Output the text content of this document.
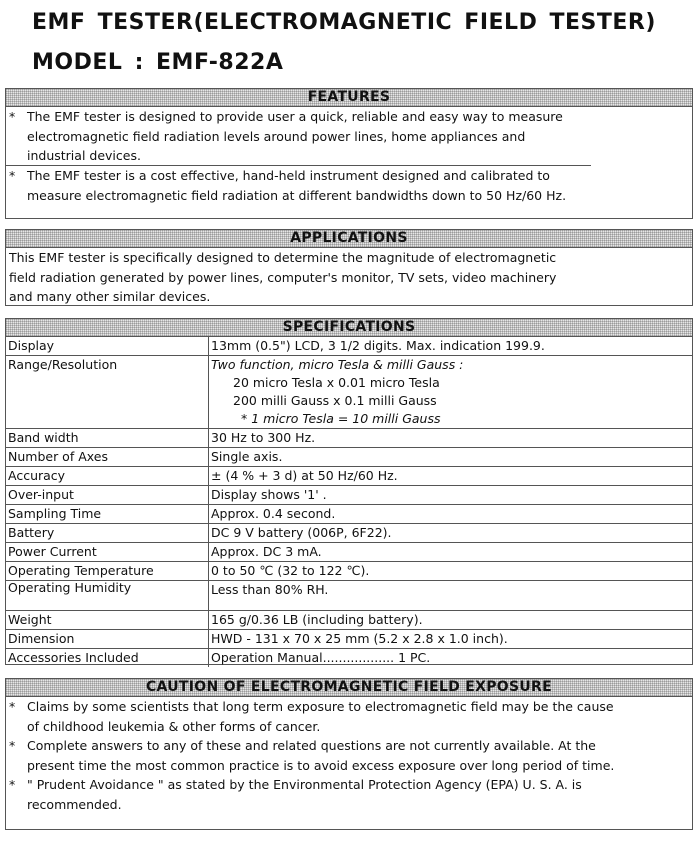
EMF TESTER(ELECTROMAGNETIC FIELD TESTER)
MODEL : EMF-822A
FEATURES
* The EMF tester is designed to provide user a quick, reliable and easy way to measure electromagnetic field radiation levels around power lines, home appliances and industrial devices.
* The EMF tester is a cost effective, hand-held instrument designed and calibrated to measure electromagnetic field radiation at different bandwidths down to 50 Hz/60 Hz.
APPLICATIONS
This EMF tester is specifically designed to determine the magnitude of electromagnetic field radiation generated by power lines, computer's monitor, TV sets, video machinery and many other similar devices.
SPECIFICATIONS
Display	13mm (0.5") LCD, 3 1/2 digits. Max. indication 199.9.

Range/Resolution	Two function, micro Tesla & milli Gauss :
20 micro Tesla x 0.01 micro Tesla
200 milli Gauss x 0.1 milli Gauss
* 1 micro Tesla = 10 milli Gauss

Band width	30 Hz to 300 Hz.

Number of Axes	Single axis.

Accuracy	± (4 % + 3 d) at 50 Hz/60 Hz.

Over-input	Display shows '1' .

Sampling Time	Approx. 0.4 second.

Battery	DC 9 V battery (006P, 6F22).

Power Current	Approx. DC 3 mA.

Operating Temperature	0 to 50 ℃ (32 to 122 ℃).

Operating Humidity	Less than 80% RH.

Weight	165 g/0.36 LB (including battery).

Dimension	HWD - 131 x 70 x 25 mm (5.2 x 2.8 x 1.0 inch).

Accessories Included	Operation Manual.................. 1 PC.
CAUTION OF ELECTROMAGNETIC FIELD EXPOSURE
* Claims by some scientists that long term exposure to electromagnetic field may be the cause of childhood leukemia & other forms of cancer.
* Complete answers to any of these and related questions are not currently available. At the present time the most common practice is to avoid excess exposure over long period of time.
* " Prudent Avoidance " as stated by the Environmental Protection Agency (EPA) U. S. A. is recommended.
